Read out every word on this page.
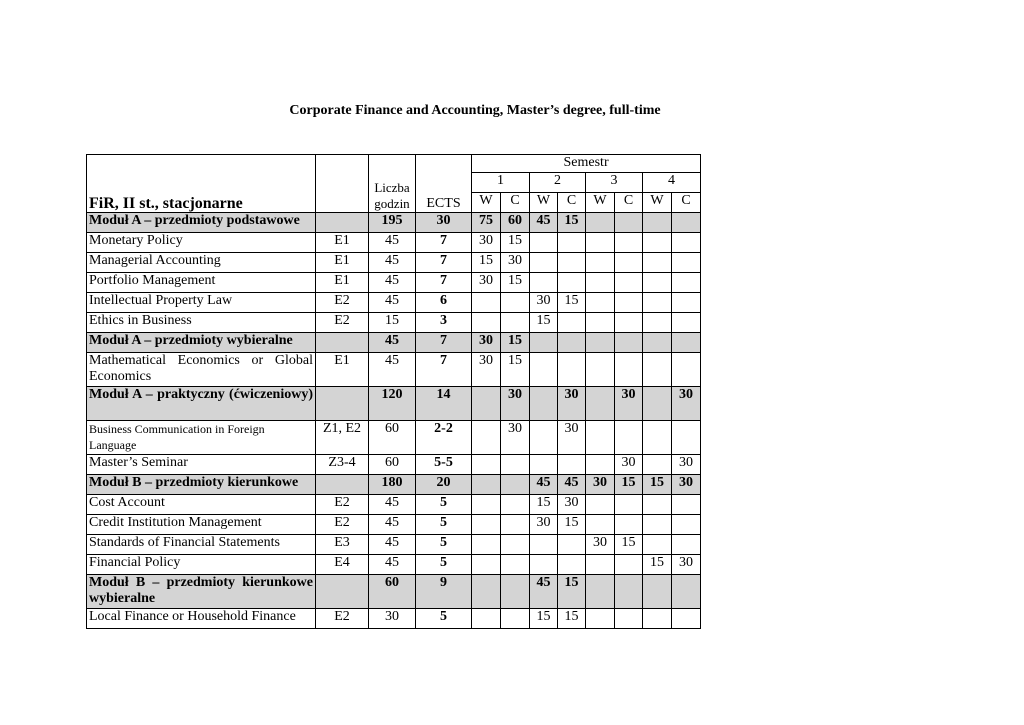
Corporate Finance and Accounting, Master’s degree, full-time
FiR, II st., stacjonarne		Liczba godzin	ECTS	Semestr							
				1		2		3		4	
				W	C	W	C	W	C	W	C
Moduł A – przedmioty podstawowe		195	30	75	60	45	15				
Monetary Policy	E1	45	7	30	15						
Managerial Accounting	E1	45	7	15	30						
Portfolio Management	E1	45	7	30	15						
Intellectual Property Law	E2	45	6			30	15				
Ethics in Business	E2	15	3			15					
Moduł A – przedmioty wybieralne		45	7	30	15						
Mathematical Economics or Global Economics	E1	45	7	30	15						
Moduł A – praktyczny (ćwiczeniowy)		120	14		30		30		30		30
Business Communication in Foreign Language	Z1, E2	60	2-2		30		30				
Master’s Seminar	Z3-4	60	5-5						30		30
Moduł B – przedmioty kierunkowe		180	20			45	45	30	15	15	30
Cost Account	E2	45	5			15	30				
Credit Institution Management	E2	45	5			30	15				
Standards of Financial Statements	E3	45	5					30	15		
Financial Policy	E4	45	5							15	30
Moduł B – przedmioty kierunkowe wybieralne		60	9			45	15				
Local Finance or Household Finance	E2	30	5			15	15				
